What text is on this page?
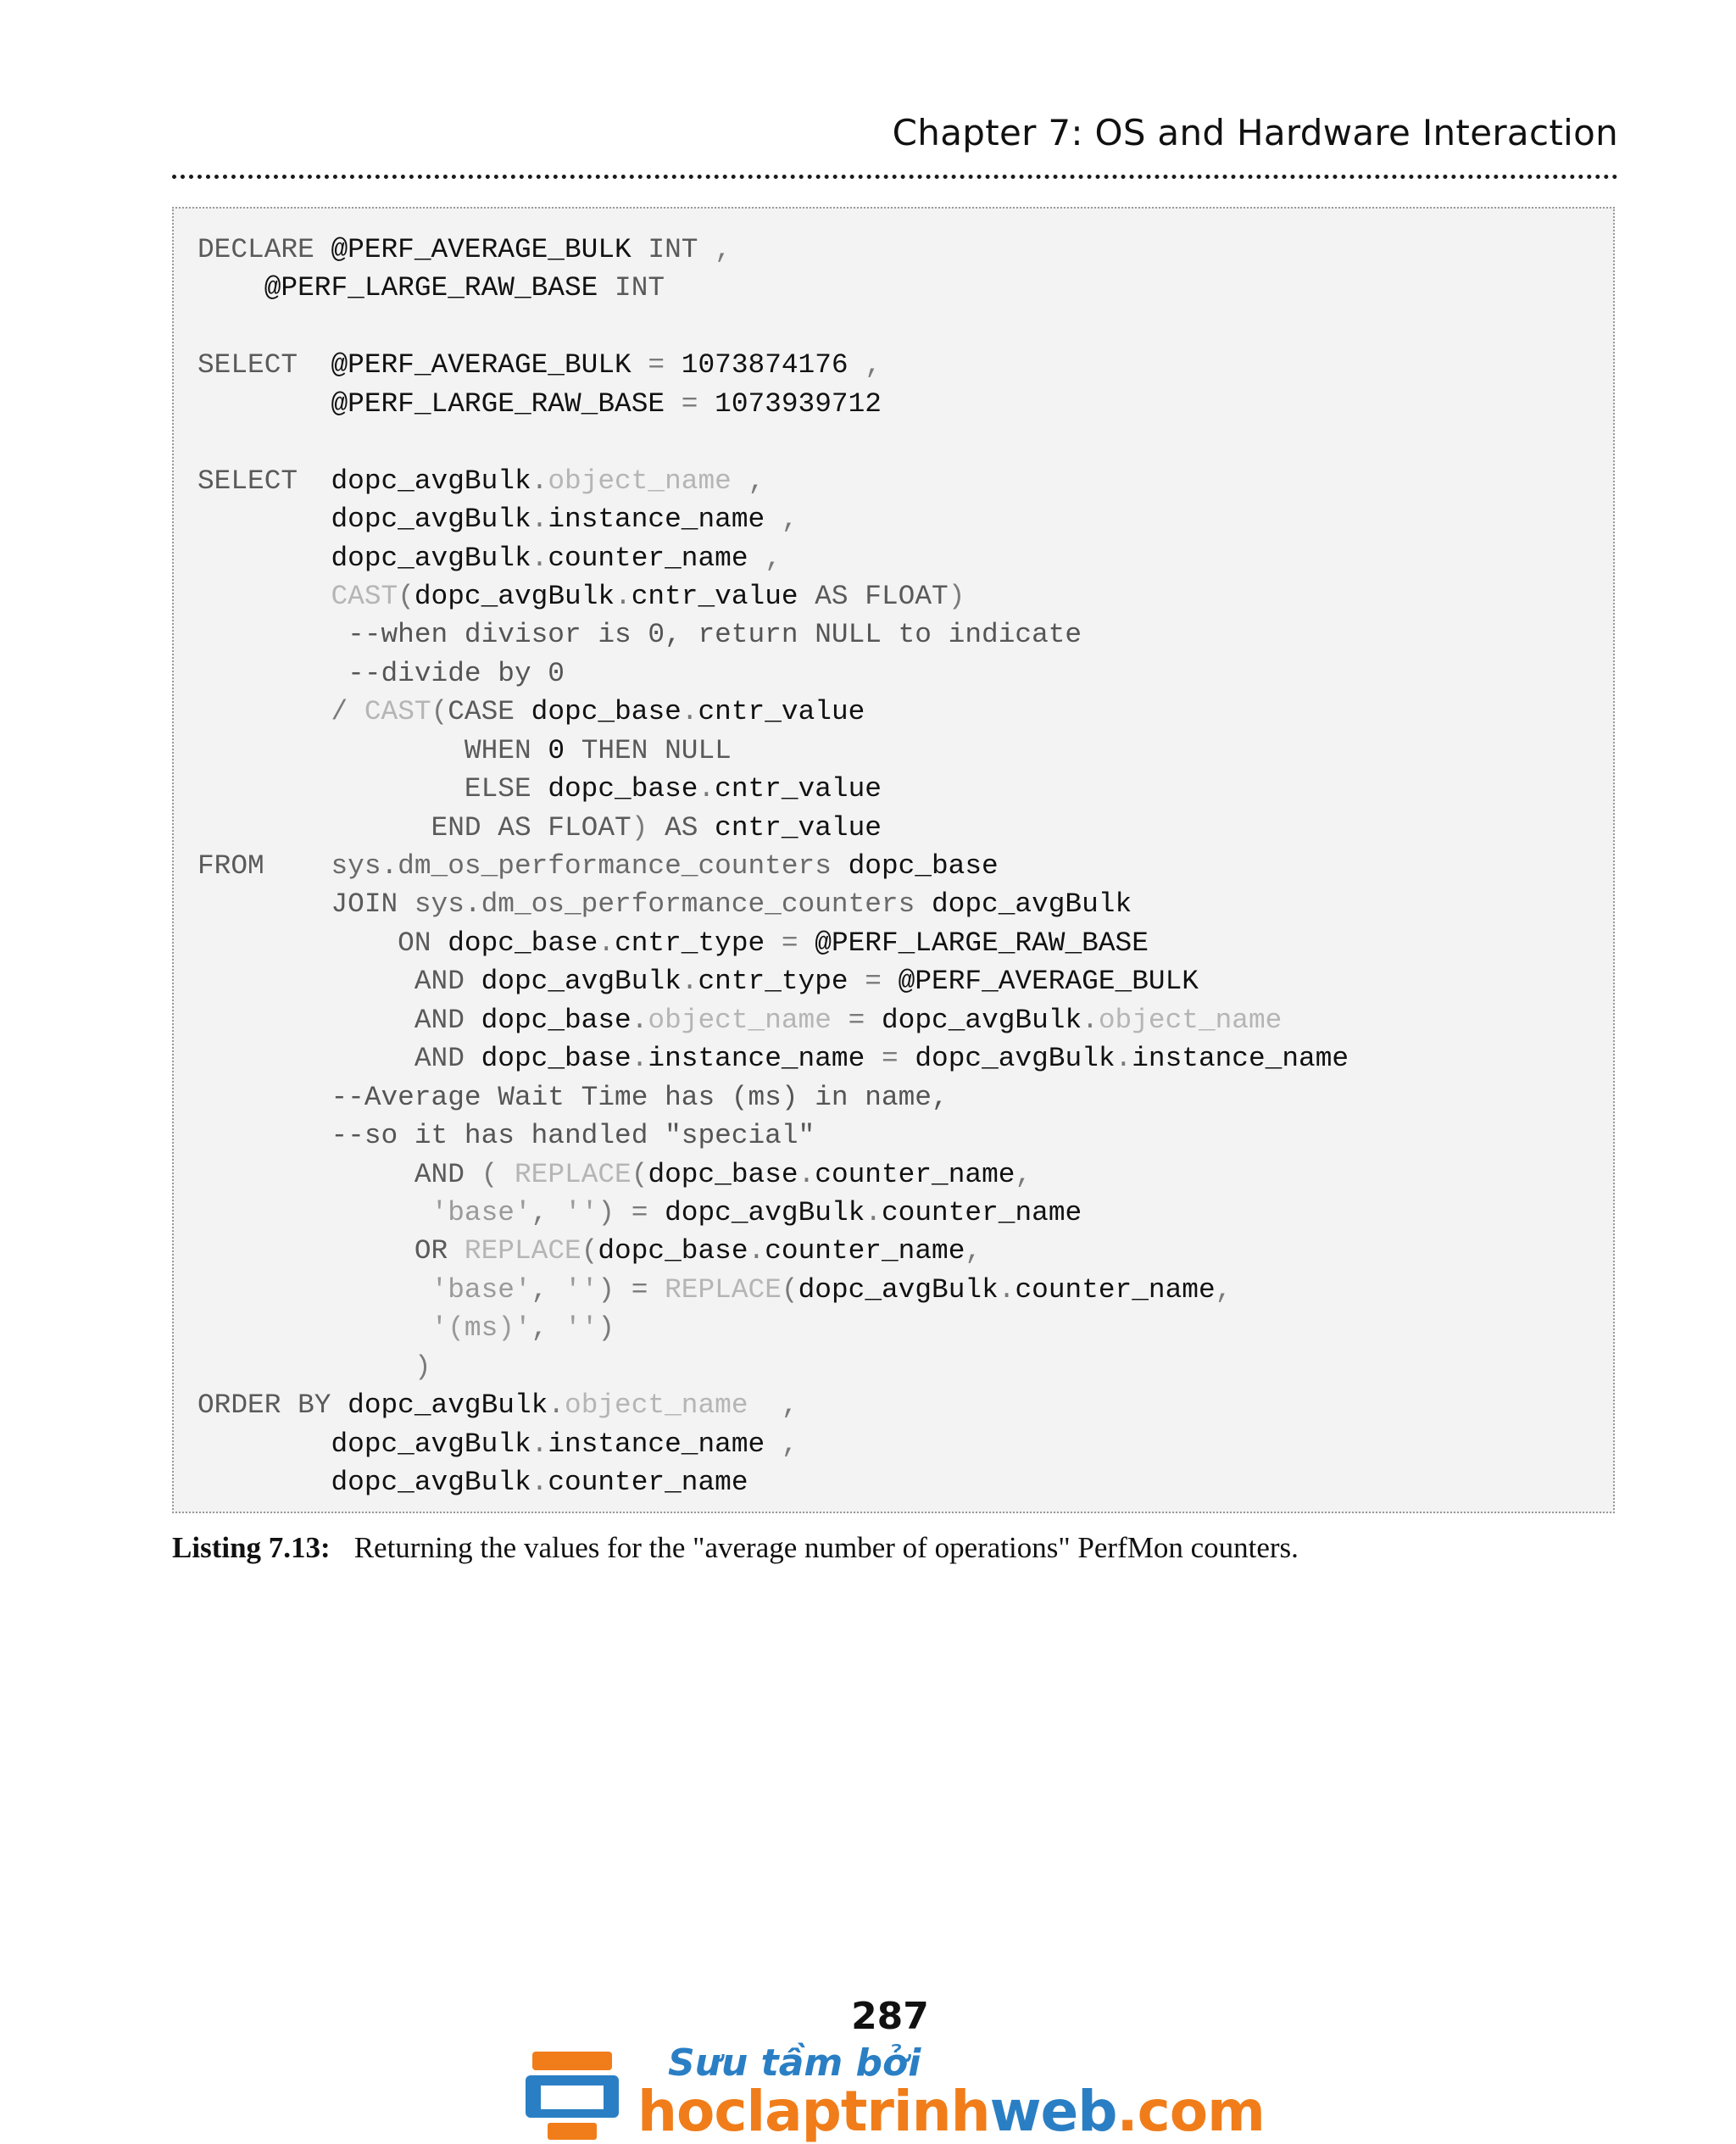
Chapter 7: OS and Hardware Interaction
DECLARE @PERF_AVERAGE_BULK INT ,
@PERF_LARGE_RAW_BASE INT

SELECT  @PERF_AVERAGE_BULK = 1073874176 ,
@PERF_LARGE_RAW_BASE = 1073939712

SELECT  dopc_avgBulk.object_name ,
dopc_avgBulk.instance_name ,
dopc_avgBulk.counter_name ,
CAST(dopc_avgBulk.cntr_value AS FLOAT)
--when divisor is 0, return NULL to indicate
--divide by 0
/ CAST(CASE dopc_base.cntr_value
WHEN 0 THEN NULL
ELSE dopc_base.cntr_value
END AS FLOAT) AS cntr_value
FROM    sys.dm_os_performance_counters dopc_base
JOIN sys.dm_os_performance_counters dopc_avgBulk
ON dopc_base.cntr_type = @PERF_LARGE_RAW_BASE
AND dopc_avgBulk.cntr_type = @PERF_AVERAGE_BULK
AND dopc_base.object_name = dopc_avgBulk.object_name
AND dopc_base.instance_name = dopc_avgBulk.instance_name
--Average Wait Time has (ms) in name,
--so it has handled "special"
AND ( REPLACE(dopc_base.counter_name,
'base', '') = dopc_avgBulk.counter_name
OR REPLACE(dopc_base.counter_name,
'base', '') = REPLACE(dopc_avgBulk.counter_name,
'(ms)', '')
)
ORDER BY dopc_avgBulk.object_name  ,
dopc_avgBulk.instance_name ,
dopc_avgBulk.counter_name
Listing 7.13: Returning the values for the "average number of operations" PerfMon counters.
287
Sưu tầm bởi
hoclaptrinhweb.com
